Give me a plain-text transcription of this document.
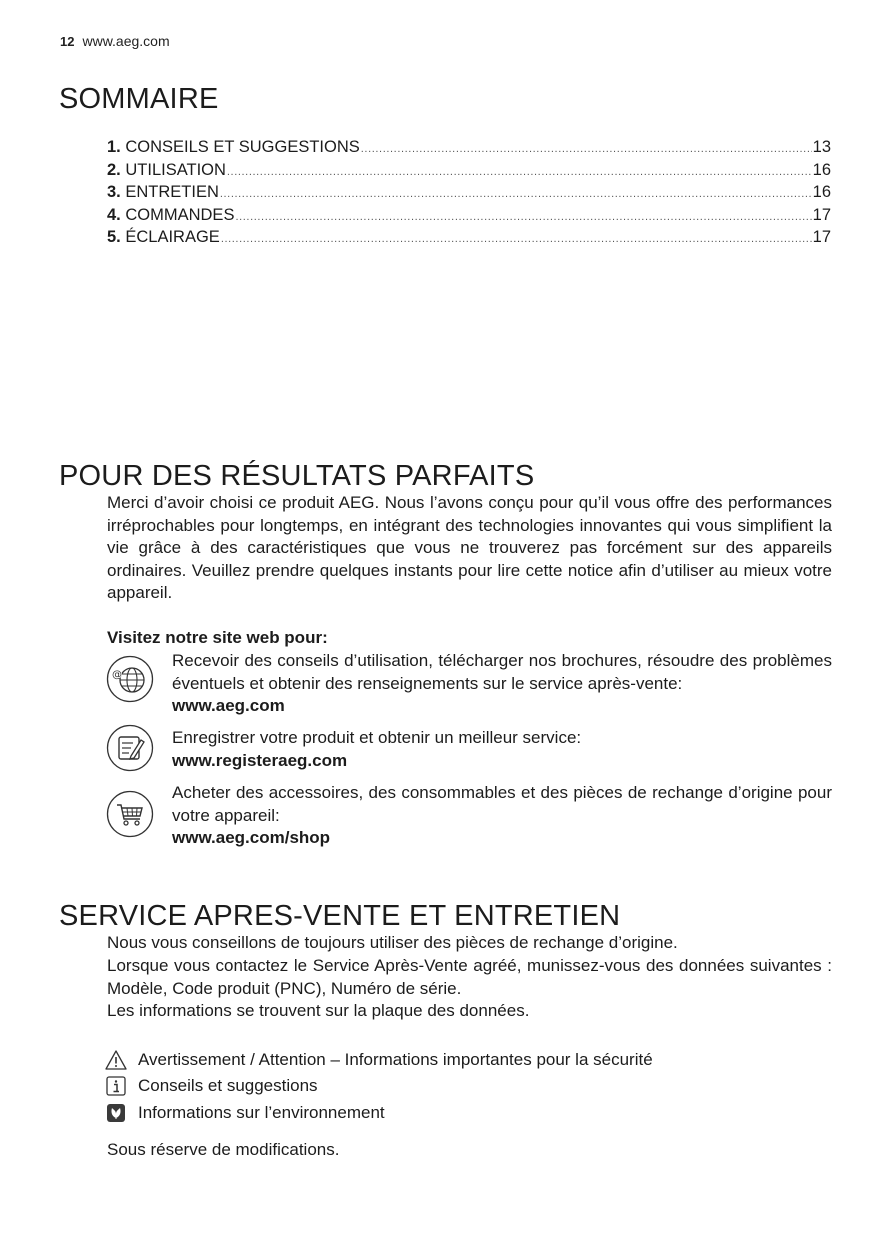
12 www.aeg.com
SOMMAIRE
1. CONSEILS ET SUGGESTIONS .....	13
2. UTILISATION .....	16
3. ENTRETIEN .....	16
4. COMMANDES .....	17
5. ÉCLAIRAGE .....	17
POUR DES RÉSULTATS PARFAITS
Merci d’avoir choisi ce produit AEG. Nous l’avons conçu pour qu’il vous offre des performances irréprochables pour longtemps, en intégrant des technologies innovantes qui vous simplifient la vie grâce à des caractéristiques que vous ne trouverez pas forcément sur des appareils ordinaires. Veuillez prendre quelques instants pour lire cette notice afin d’utiliser au mieux votre appareil.
Visitez notre site web pour:
@
Recevoir des conseils d’utilisation, télécharger nos brochures, résoudre des problèmes éventuels et obtenir des renseignements sur le service après-vente:
www.aeg.com
Enregistrer votre produit et obtenir un meilleur service:
www.registeraeg.com
Acheter des accessoires, des consommables et des pièces de rechange d’origine pour votre appareil:
www.aeg.com/shop
SERVICE APRES-VENTE ET ENTRETIEN
Nous vous conseillons de toujours utiliser des pièces de rechange d’origine.
Lorsque vous contactez le Service Après-Vente agréé, munissez-vous des données suivantes : Modèle, Code produit (PNC), Numéro de série.
Les informations se trouvent sur la plaque des données.
Avertissement / Attention – Informations importantes pour la sécurité
Conseils et suggestions
Informations sur l’environnement
Sous réserve de modifications.
